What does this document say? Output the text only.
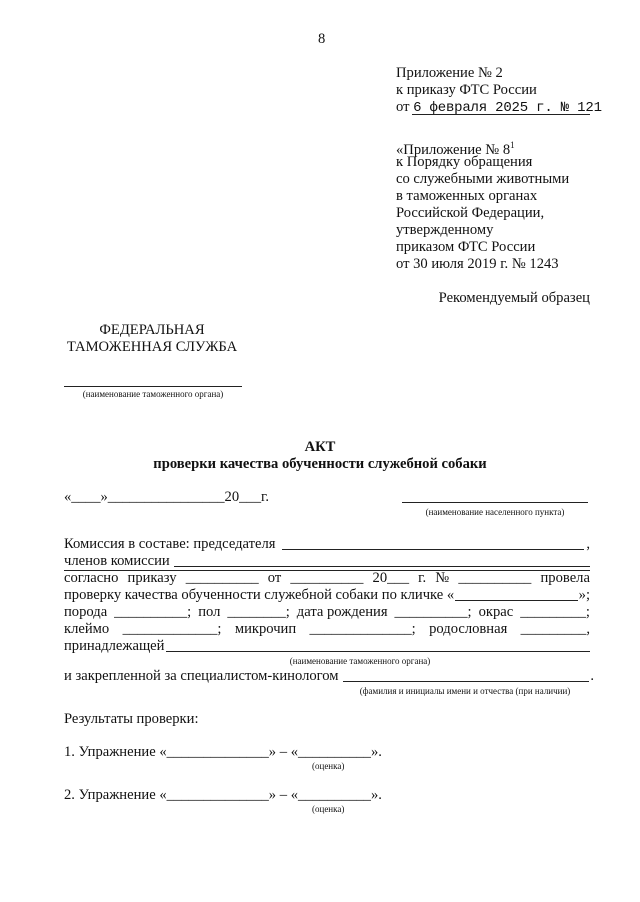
8
Приложение № 2
к приказу ФТС России
от 6 февраля 2025 г. № 121
«Приложение № $8^1$
к Порядку обращения
со служебными животными
в таможенных органах
Российской Федерации,
утвержденному
приказом ФТС России
от 30 июля 2019 г. № 1243
Рекомендуемый образец
ФЕДЕРАЛЬНАЯ
ТАМОЖЕННАЯ СЛУЖБА
(наименование таможенного органа)
АКТ
проверки качества обученности служебной собаки
«____»________________20___г.
(наименование населенного пункта)
Комиссия в составе: председателя	,
членов комиссии
согласно приказу __________ от __________ 20___ г. № __________ провела
проверку качества обученности служебной собаки по кличке «	»;
порода __________; пол ________; дата рождения __________; окрас _________;
клеймо _____________; микрочип ______________; родословная _________,
принадлежащей
(наименование таможенного органа)
и закрепленной за специалистом-кинологом	.
(фамилия и инициалы имени и отчества (при наличии)
Результаты проверки:
1. Упражнение «______________» – «__________».
(оценка)
2. Упражнение «______________» – «__________».
(оценка)
